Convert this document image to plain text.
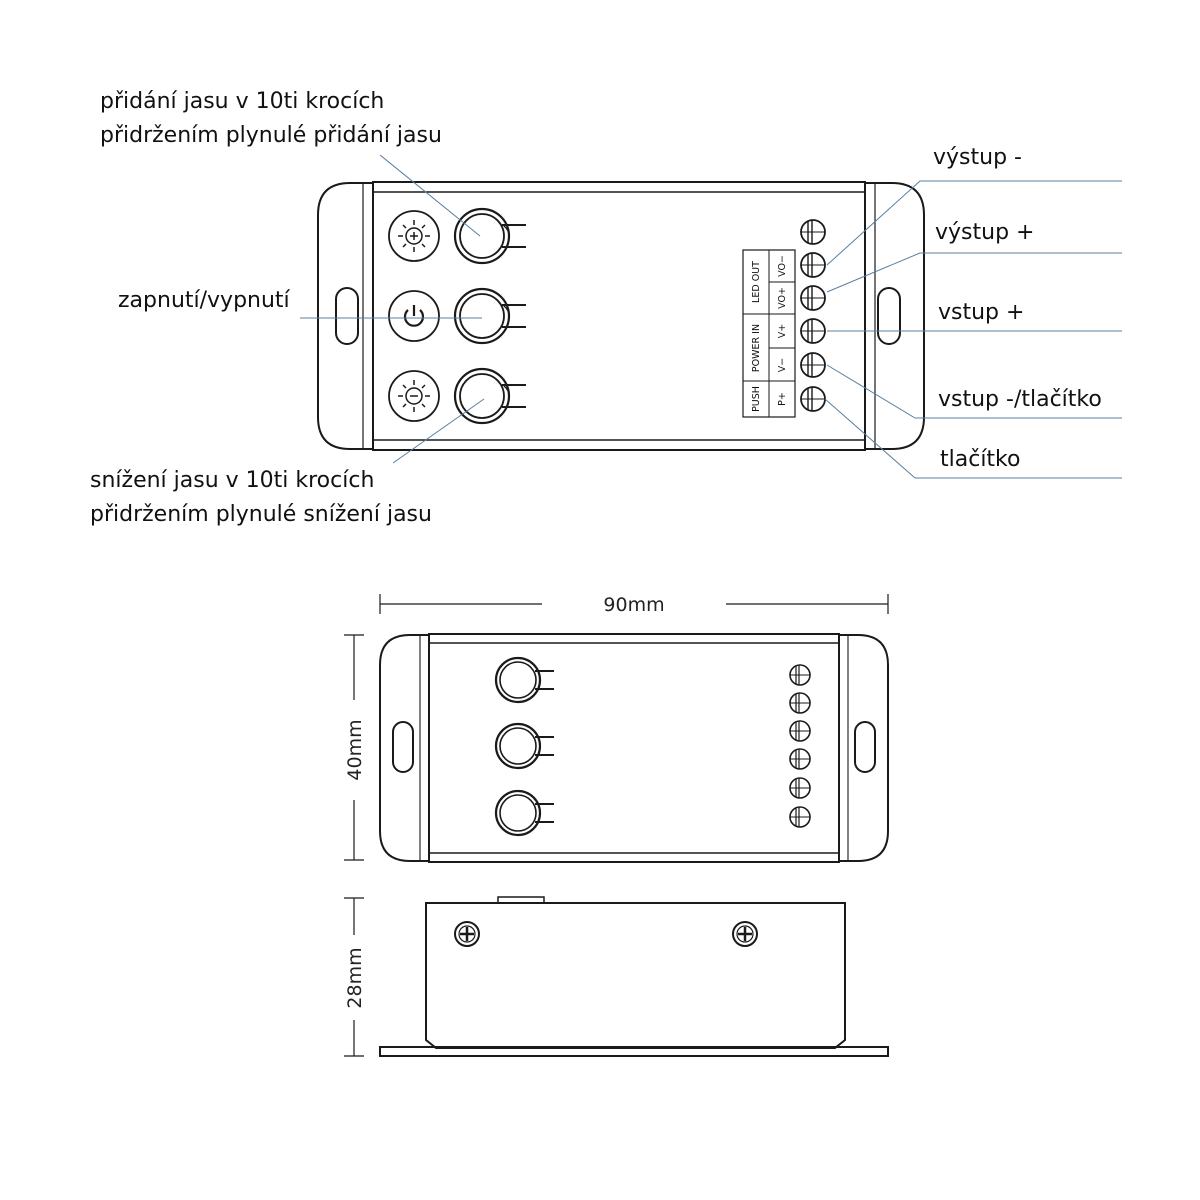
LED OUT
POWER IN
PUSH
VO−
VO+
V+
V−
P+
90mm
40mm
28mm
přidání jasu v 10ti krocích
přidržením plynulé přidání jasu
zapnutí/vypnutí
snížení jasu v 10ti krocích
přidržením plynulé snížení jasu
výstup -
výstup +
vstup +
vstup -/tlačítko
tlačítko
